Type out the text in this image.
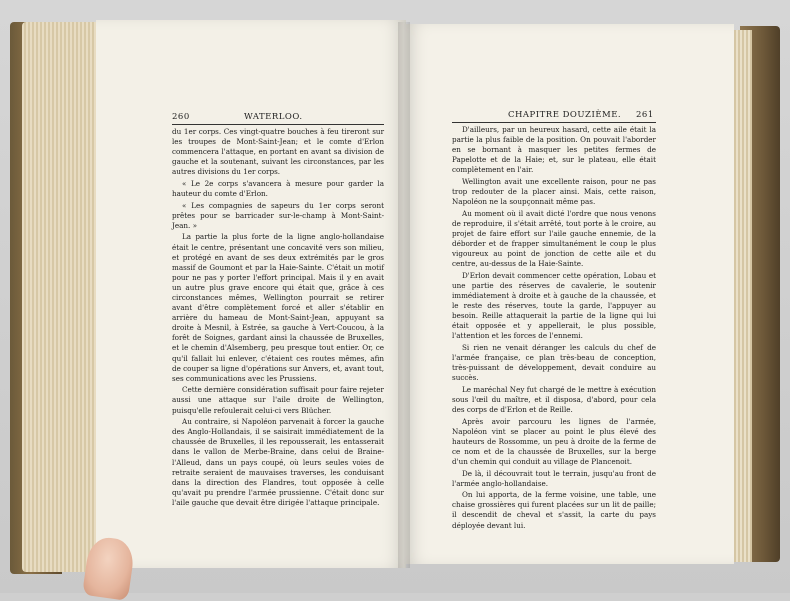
260	WATERLOO.

du 1er corps. Ces vingt-quatre bouches à feu tireront sur les troupes de Mont-Saint-Jean; et le comte d'Erlon commencera l'attaque, en portant en avant sa division de gauche et la soutenant, suivant les circonstances, par les autres divisions du 1er corps.

« Le 2e corps s'avancera à mesure pour garder la hauteur du comte d'Erlon.

« Les compagnies de sapeurs du 1er corps seront prêtes pour se barricader sur-le-champ à Mont-Saint-Jean. »

La partie la plus forte de la ligne anglo-hollandaise était le centre, présentant une concavité vers son milieu, et protégé en avant de ses deux extrémités par le gros massif de Goumont et par la Haie-Sainte. C'était un motif pour ne pas y porter l'effort principal. Mais il y en avait un autre plus grave encore qui était que, grâce à ces circonstances mêmes, Wellington pourrait se retirer avant d'être complètement forcé et aller s'établir en arrière du hameau de Mont-Saint-Jean, appuyant sa droite à Mesnil, à Estrée, sa gauche à Vert-Coucou, à la forêt de Soignes, gardant ainsi la chaussée de Bruxelles, et le chemin d'Alsemberg, peu presque tout entier. Or, ce qu'il fallait lui enlever, c'étaient ces routes mêmes, afin de couper sa ligne d'opérations sur Anvers, et, avant tout, ses communications avec les Prussiens.

Cette dernière considération suffisait pour faire rejeter aussi une attaque sur l'aile droite de Wellington, puisqu'elle refoulerait celui-ci vers Blücher.

Au contraire, si Napoléon parvenait à forcer la gauche des Anglo-Hollandais, il se saisirait immédiatement de la chaussée de Bruxelles, il les repousserait, les entasserait dans le vallon de Merbe-Braine, dans celui de Braine-l'Alleud, dans un pays coupé, où leurs seules voies de retraite seraient de mauvaises traverses, les conduisant dans la direction des Flandres, tout opposée à celle qu'avait pu prendre l'armée prussienne. C'était donc sur l'aile gauche que devait être dirigée l'attaque principale.

CHAPITRE DOUZIÈME. 261

D'ailleurs, par un heureux hasard, cette aile était la partie la plus faible de la position. On pouvait l'aborder en se bornant à masquer les petites fermes de Papelotte et de la Haie; et, sur le plateau, elle était complètement en l'air.

Wellington avait une excellente raison, pour ne pas trop redouter de la placer ainsi. Mais, cette raison, Napoléon ne la soupçonnait même pas.

Au moment où il avait dicté l'ordre que nous venons de reproduire, il s'était arrêté, tout porte à le croire, au projet de faire effort sur l'aile gauche ennemie, de la déborder et de frapper simultanément le coup le plus vigoureux au point de jonction de cette aile et du centre, au-dessus de la Haie-Sainte.

D'Erlon devait commencer cette opération, Lobau et une partie des réserves de cavalerie, le soutenir immédiatement à droite et à gauche de la chaussée, et le reste des réserves, toute la garde, l'appuyer au besoin. Reille attaquerait la partie de la ligne qui lui était opposée et y appellerait, le plus possible, l'attention et les forces de l'ennemi.

Si rien ne venait déranger les calculs du chef de l'armée française, ce plan très-beau de conception, très-puissant de développement, devait conduire au succès.

Le maréchal Ney fut chargé de le mettre à exécution sous l'œil du maître, et il disposa, d'abord, pour cela des corps de d'Erlon et de Reille.

Après avoir parcouru les lignes de l'armée, Napoléon vint se placer au point le plus élevé des hauteurs de Rossomme, un peu à droite de la ferme de ce nom et de la chaussée de Bruxelles, sur la berge d'un chemin qui conduit au village de Plancenoit.

De là, il découvrait tout le terrain, jusqu'au front de l'armée anglo-hollandaise.

On lui apporta, de la ferme voisine, une table, une chaise grossières qui furent placées sur un lit de paille; il descendit de cheval et s'assit, la carte du pays déployée devant lui.
